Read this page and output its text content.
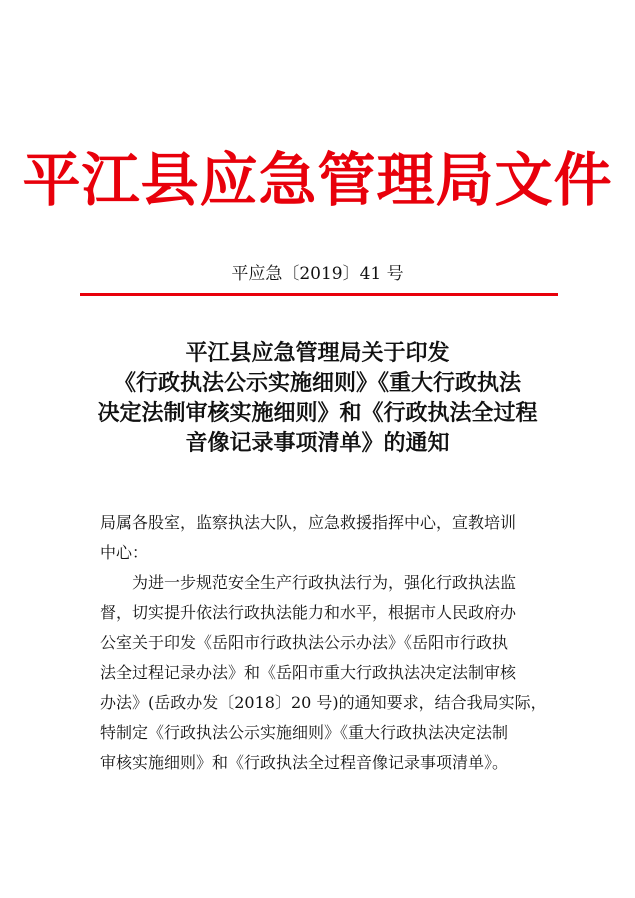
平江县应急管理局文件
平应急〔2019〕41 号
平江县应急管理局关于印发
《行政执法公示实施细则》《重大行政执法
决定法制审核实施细则》和《行政执法全过程
音像记录事项清单》的通知
局属各股室，监察执法大队，应急救援指挥中心，宣教培训
中心：
　　为进一步规范安全生产行政执法行为，强化行政执法监
督，切实提升依法行政执法能力和水平，根据市人民政府办
公室关于印发《岳阳市行政执法公示办法》《岳阳市行政执
法全过程记录办法》和《岳阳市重大行政执法决定法制审核
办法》(岳政办发〔2018〕20 号)的通知要求，结合我局实际，
特制定《行政执法公示实施细则》《重大行政执法决定法制
审核实施细则》和《行政执法全过程音像记录事项清单》。
